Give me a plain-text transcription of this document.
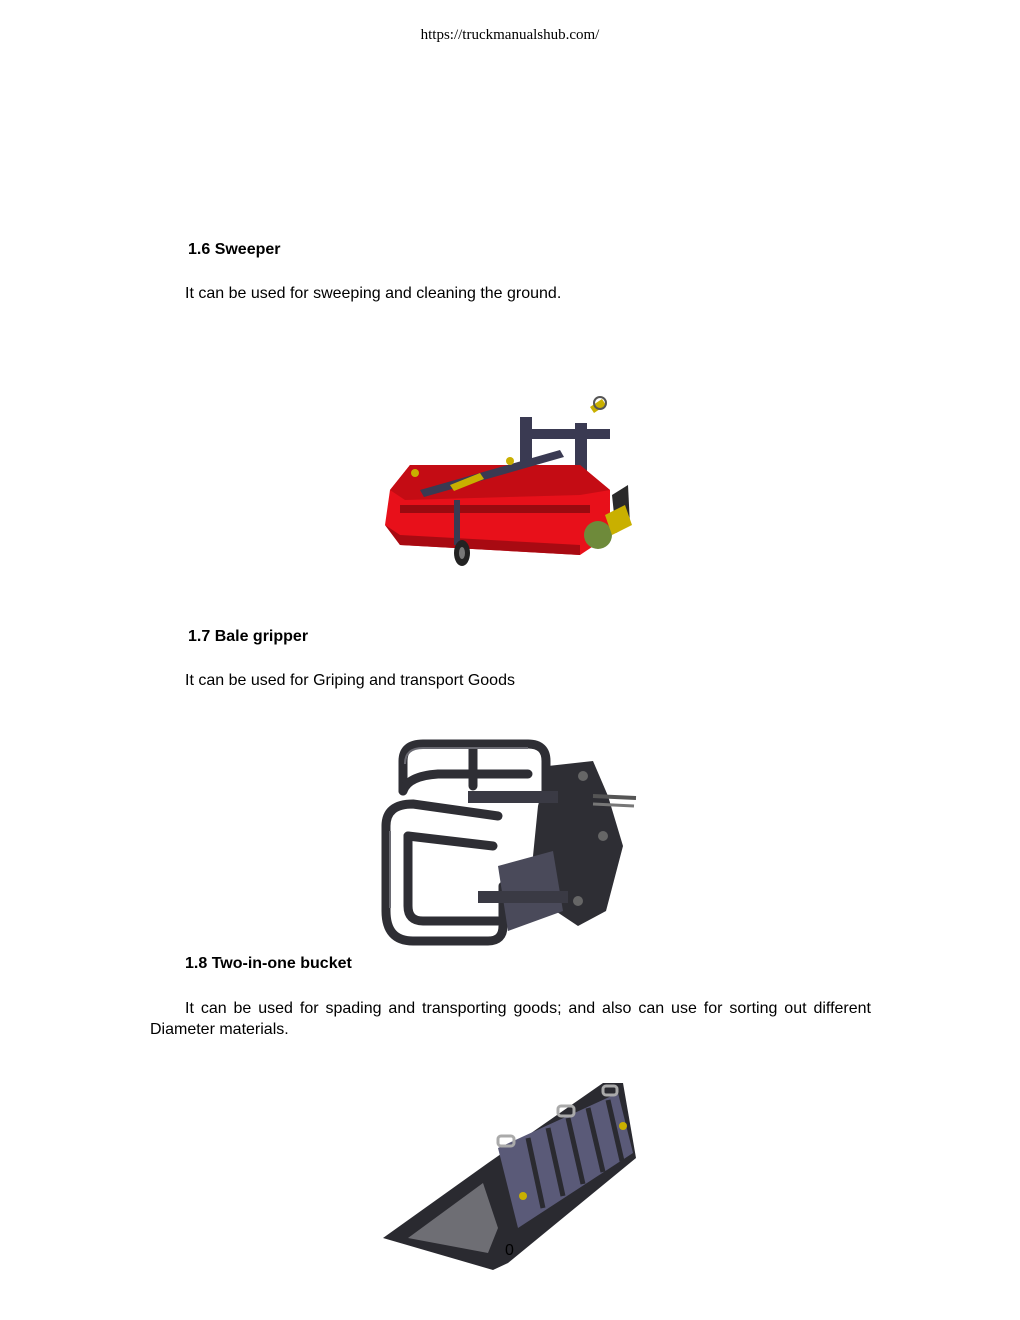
https://truckmanualshub.com/
1.6 Sweeper
It can be used for sweeping and cleaning the ground.
1.7 Bale gripper
It can be used for Griping and transport Goods
1.8 Two-in-one bucket
It can be used for spading and transporting goods; and also can use for sorting out different Diameter materials.
0
